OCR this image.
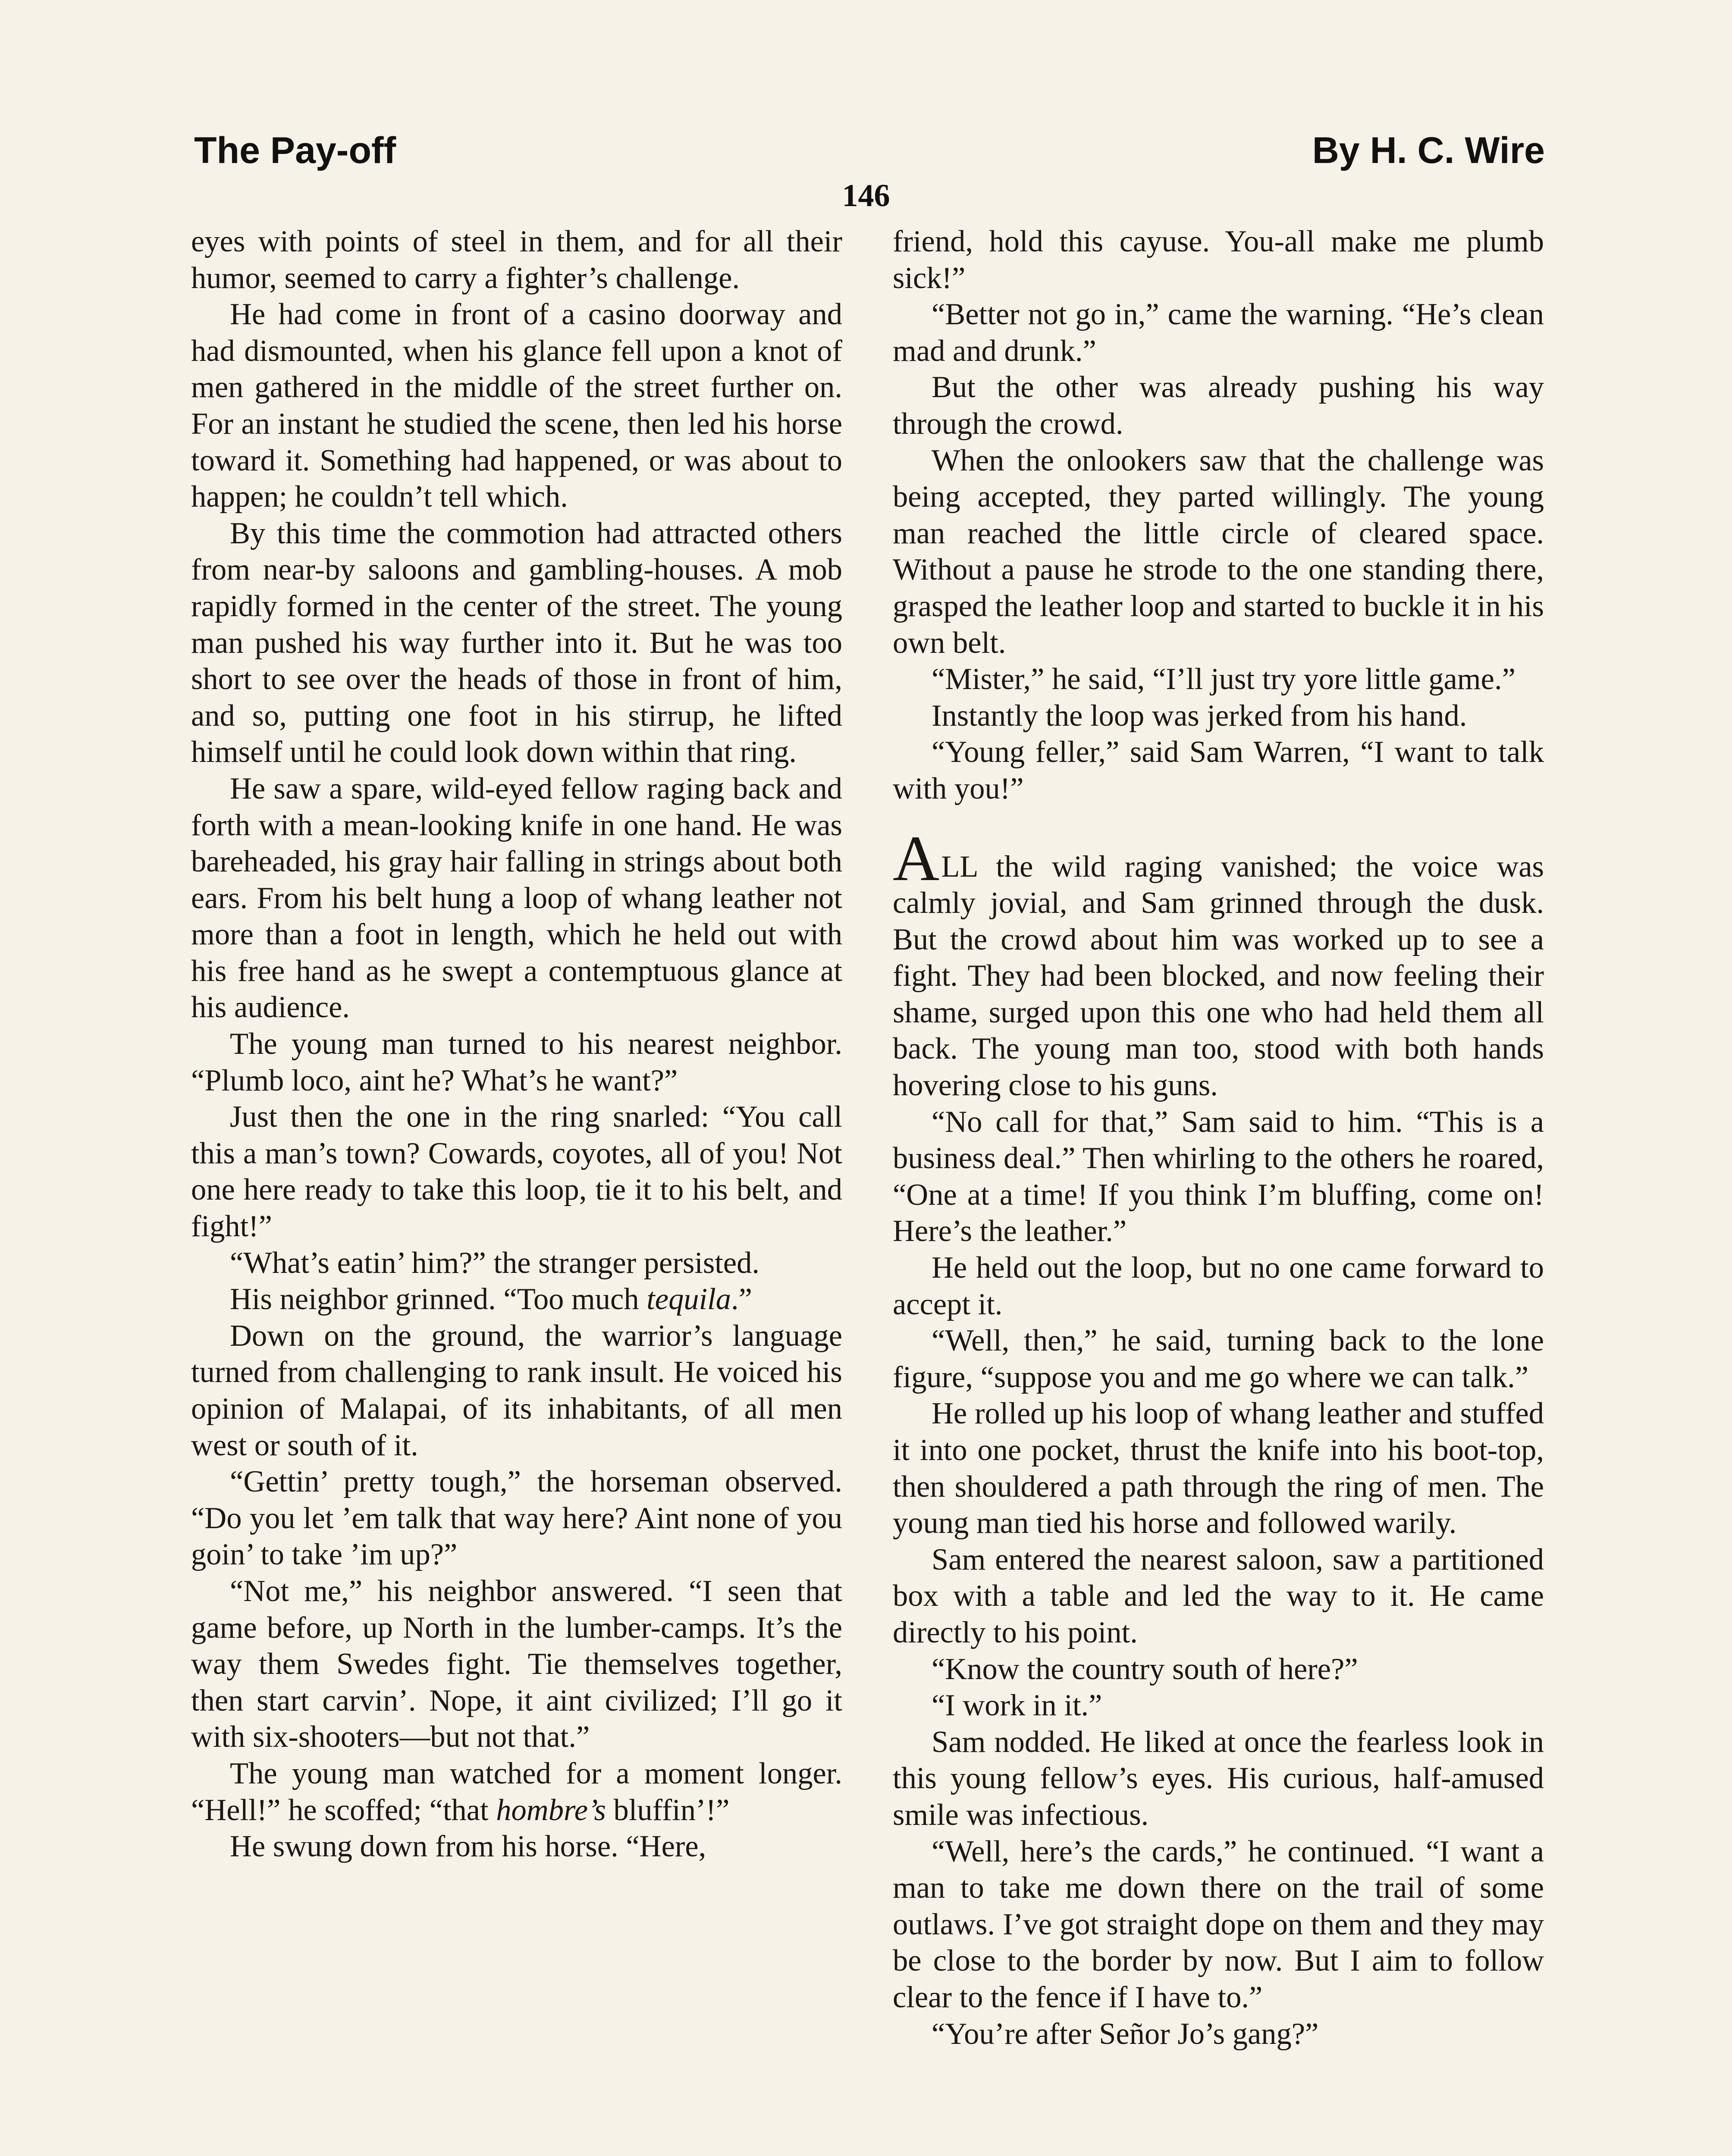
The Pay-off	By H. C. Wire
146

eyes with points of steel in them, and for all their humor, seemed to carry a fighter’s challenge.

He had come in front of a casino doorway and had dismounted, when his glance fell upon a knot of men gathered in the middle of the street further on. For an instant he studied the scene, then led his horse toward it. Something had happened, or was about to happen; he couldn’t tell which.

By this time the commotion had attracted others from near-by saloons and gambling-houses. A mob rapidly formed in the center of the street. The young man pushed his way further into it. But he was too short to see over the heads of those in front of him, and so, putting one foot in his stirrup, he lifted himself until he could look down within that ring.

He saw a spare, wild-eyed fellow raging back and forth with a mean-looking knife in one hand. He was bareheaded, his gray hair falling in strings about both ears. From his belt hung a loop of whang leather not more than a foot in length, which he held out with his free hand as he swept a contemptuous glance at his audience.

The young man turned to his nearest neighbor. “Plumb loco, aint he? What’s he want?”

Just then the one in the ring snarled: “You call this a man’s town? Cowards, coyotes, all of you! Not one here ready to take this loop, tie it to his belt, and fight!”

“What’s eatin’ him?” the stranger persisted.

His neighbor grinned. “Too much tequila.”

Down on the ground, the warrior’s language turned from challenging to rank insult. He voiced his opinion of Malapai, of its inhabitants, of all men west or south of it.

“Gettin’ pretty tough,” the horseman observed. “Do you let ’em talk that way here? Aint none of you goin’ to take ’im up?”

“Not me,” his neighbor answered. “I seen that game before, up North in the lumber-camps. It’s the way them Swedes fight. Tie themselves together, then start carvin’. Nope, it aint civilized; I’ll go it with six-shooters—but not that.”

The young man watched for a moment longer. “Hell!” he scoffed; “that hombre’s bluffin’!”

He swung down from his horse. “Here,

friend, hold this cayuse. You-all make me plumb sick!”

“Better not go in,” came the warning. “He’s clean mad and drunk.”

But the other was already pushing his way through the crowd.

When the onlookers saw that the challenge was being accepted, they parted willingly. The young man reached the little circle of cleared space. Without a pause he strode to the one standing there, grasped the leather loop and started to buckle it in his own belt.

“Mister,” he said, “I’ll just try yore little game.”

Instantly the loop was jerked from his hand.

“Young feller,” said Sam Warren, “I want to talk with you!”

ALL the wild raging vanished; the voice was calmly jovial, and Sam grinned through the dusk. But the crowd about him was worked up to see a fight. They had been blocked, and now feeling their shame, surged upon this one who had held them all back. The young man too, stood with both hands hovering close to his guns.

“No call for that,” Sam said to him. “This is a business deal.” Then whirling to the others he roared, “One at a time! If you think I’m bluffing, come on! Here’s the leather.”

He held out the loop, but no one came forward to accept it.

“Well, then,” he said, turning back to the lone figure, “suppose you and me go where we can talk.”

He rolled up his loop of whang leather and stuffed it into one pocket, thrust the knife into his boot-top, then shouldered a path through the ring of men. The young man tied his horse and followed warily.

Sam entered the nearest saloon, saw a partitioned box with a table and led the way to it. He came directly to his point.

“Know the country south of here?”

“I work in it.”

Sam nodded. He liked at once the fearless look in this young fellow’s eyes. His curious, half-amused smile was infectious.

“Well, here’s the cards,” he continued. “I want a man to take me down there on the trail of some outlaws. I’ve got straight dope on them and they may be close to the border by now. But I aim to follow clear to the fence if I have to.”

“You’re after Señor Jo’s gang?”
